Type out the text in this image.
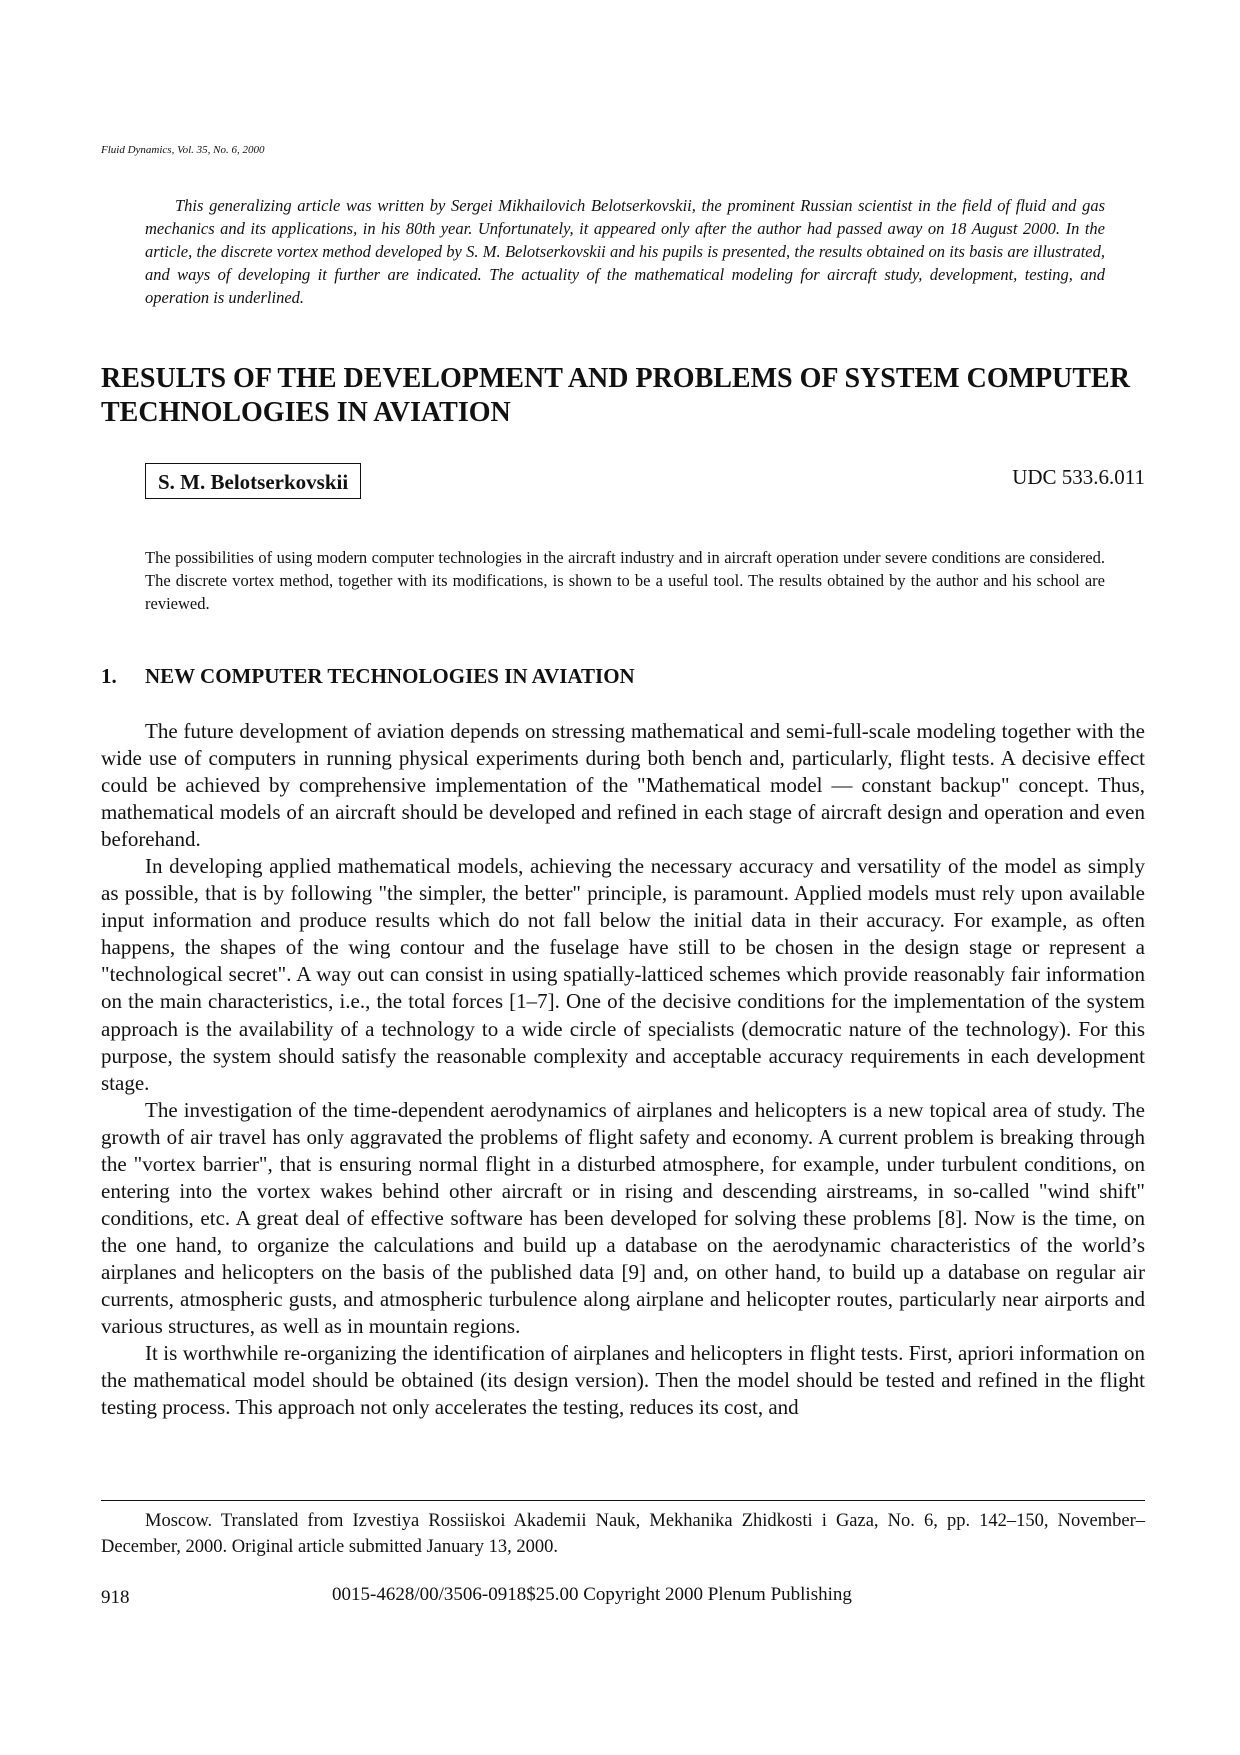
Fluid Dynamics, Vol. 35, No. 6, 2000

This generalizing article was written by Sergei Mikhailovich Belotserkovskii, the prominent Russian scientist in the field of fluid and gas mechanics and its applications, in his 80th year. Unfortunately, it appeared only after the author had passed away on 18 August 2000. In the article, the discrete vortex method developed by S. M. Belotserkovskii and his pupils is presented, the results obtained on its basis are illustrated, and ways of developing it further are indicated. The actuality of the mathematical modeling for aircraft study, development, testing, and operation is underlined.

RESULTS OF THE DEVELOPMENT AND PROBLEMS OF SYSTEM COMPUTER TECHNOLOGIES IN AVIATION
S. M. Belotserkovskii	UDC 533.6.011

The possibilities of using modern computer technologies in the aircraft industry and in aircraft operation under severe conditions are considered. The discrete vortex method, together with its modifications, is shown to be a useful tool. The results obtained by the author and his school are reviewed.

1. NEW COMPUTER TECHNOLOGIES IN AVIATION

The future development of aviation depends on stressing mathematical and semi-full-scale modeling together with the wide use of computers in running physical experiments during both bench and, particularly, flight tests. A decisive effect could be achieved by comprehensive implementation of the "Mathematical model — constant backup" concept. Thus, mathematical models of an aircraft should be developed and refined in each stage of aircraft design and operation and even beforehand.

In developing applied mathematical models, achieving the necessary accuracy and versatility of the model as simply as possible, that is by following "the simpler, the better" principle, is paramount. Applied models must rely upon available input information and produce results which do not fall below the initial data in their accuracy. For example, as often happens, the shapes of the wing contour and the fuselage have still to be chosen in the design stage or represent a "technological secret". A way out can consist in using spatially-latticed schemes which provide reasonably fair information on the main characteristics, i.e., the total forces [1–7]. One of the decisive conditions for the implementation of the system approach is the availability of a technology to a wide circle of specialists (democratic nature of the technology). For this purpose, the system should satisfy the reasonable complexity and acceptable accuracy requirements in each development stage.

The investigation of the time-dependent aerodynamics of airplanes and helicopters is a new topical area of study. The growth of air travel has only aggravated the problems of flight safety and economy. A current problem is breaking through the "vortex barrier", that is ensuring normal flight in a disturbed atmosphere, for example, under turbulent conditions, on entering into the vortex wakes behind other aircraft or in rising and descending airstreams, in so-called "wind shift" conditions, etc. A great deal of effective software has been developed for solving these problems [8]. Now is the time, on the one hand, to organize the calculations and build up a database on the aerodynamic characteristics of the world’s airplanes and helicopters on the basis of the published data [9] and, on other hand, to build up a database on regular air currents, atmospheric gusts, and atmospheric turbulence along airplane and helicopter routes, particularly near airports and various structures, as well as in mountain regions.

It is worthwhile re-organizing the identification of airplanes and helicopters in flight tests. First, apriori information on the mathematical model should be obtained (its design version). Then the model should be tested and refined in the flight testing process. This approach not only accelerates the testing, reduces its cost, and

Moscow. Translated from Izvestiya Rossiiskoi Akademii Nauk, Mekhanika Zhidkosti i Gaza, No. 6, pp. 142–150, November–December, 2000. Original article submitted January 13, 2000.

918	0015-4628/00/3506-0918$25.00 Copyright 2000 Plenum Publishing
